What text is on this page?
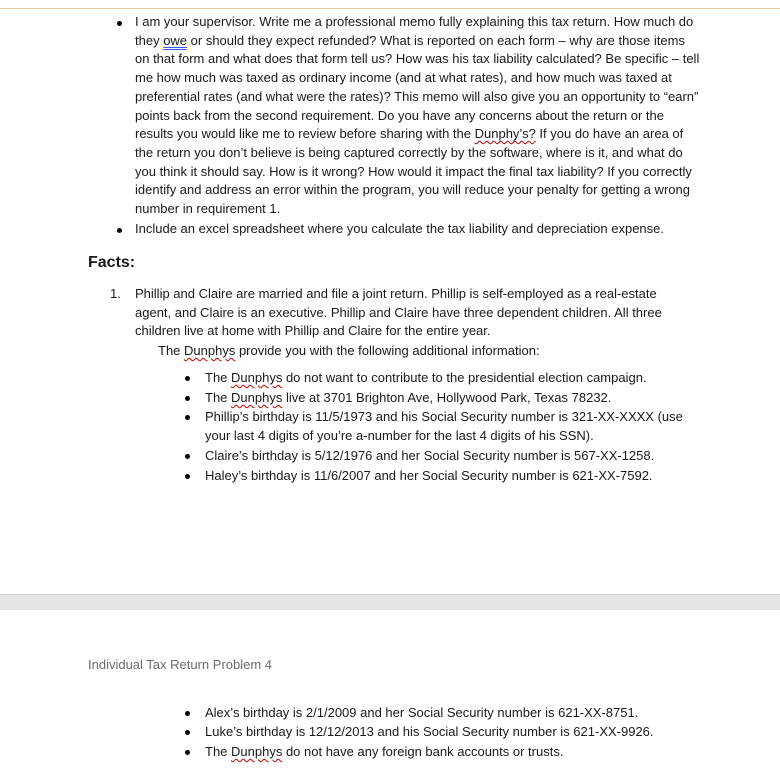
I am your supervisor. Write me a professional memo fully explaining this tax return. How much do they owe or should they expect refunded? What is reported on each form – why are those items on that form and what does that form tell us? How was his tax liability calculated? Be specific – tell me how much was taxed as ordinary income (and at what rates), and how much was taxed at preferential rates (and what were the rates)? This memo will also give you an opportunity to “earn” points back from the second requirement. Do you have any concerns about the return or the results you would like me to review before sharing with the Dunphy’s? If you do have an area of the return you don’t believe is being captured correctly by the software, where is it, and what do you think it should say. How is it wrong? How would it impact the final tax liability? If you correctly identify and address an error within the program, you will reduce your penalty for getting a wrong number in requirement 1.
Include an excel spreadsheet where you calculate the tax liability and depreciation expense.
Facts:
1. Phillip and Claire are married and file a joint return. Phillip is self-employed as a real-estate agent, and Claire is an executive. Phillip and Claire have three dependent children. All three children live at home with Phillip and Claire for the entire year.
The Dunphys provide you with the following additional information:
The Dunphys do not want to contribute to the presidential election campaign.
The Dunphys live at 3701 Brighton Ave, Hollywood Park, Texas 78232.
Phillip’s birthday is 11/5/1973 and his Social Security number is 321-XX-XXXX (use your last 4 digits of you’re a-number for the last 4 digits of his SSN).
Claire’s birthday is 5/12/1976 and her Social Security number is 567-XX-1258.
Haley’s birthday is 11/6/2007 and her Social Security number is 621-XX-7592.
Individual Tax Return Problem 4
Alex’s birthday is 2/1/2009 and her Social Security number is 621-XX-8751.
Luke’s birthday is 12/12/2013 and his Social Security number is 621-XX-9926.
The Dunphys do not have any foreign bank accounts or trusts.
